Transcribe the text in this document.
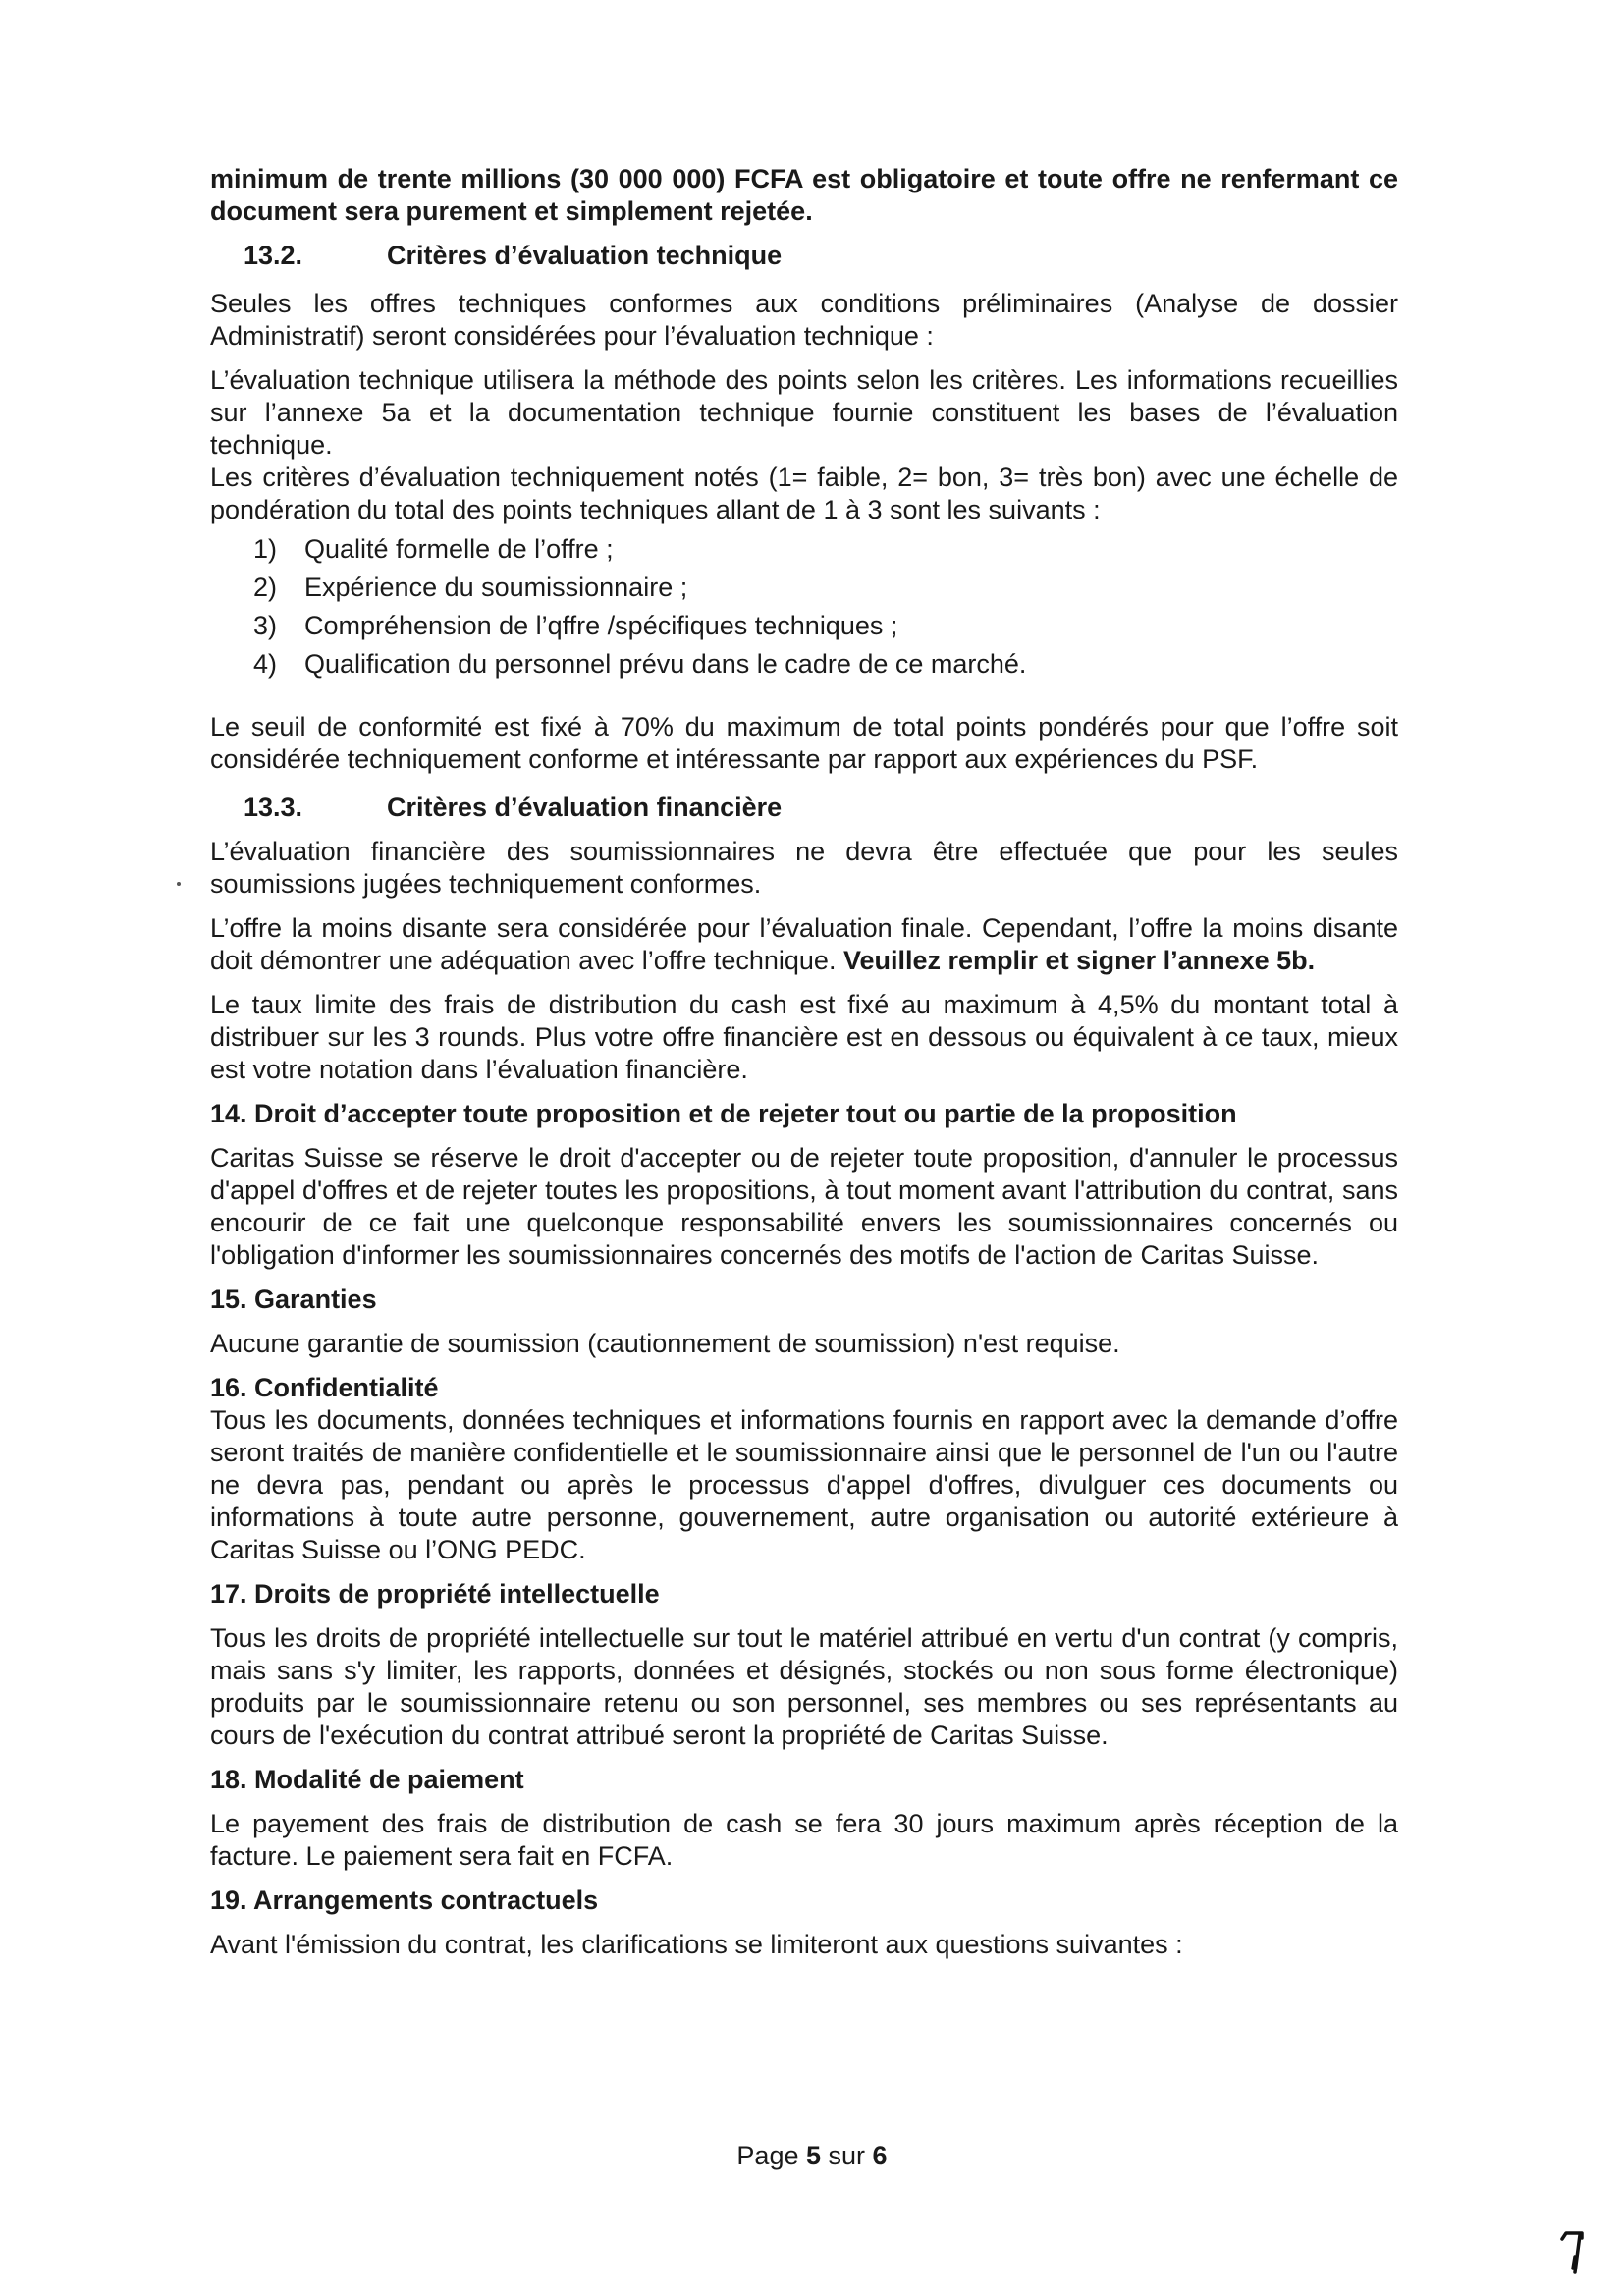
minimum de trente millions (30 000 000) FCFA est obligatoire et toute offre ne renfermant ce document sera purement et simplement rejetée.

13.2.	Critères d’évaluation technique

Seules les offres techniques conformes aux conditions préliminaires (Analyse de dossier Administratif) seront considérées pour l’évaluation technique :

L’évaluation technique utilisera la méthode des points selon les critères. Les informations recueillies sur l’annexe 5a et la documentation technique fournie constituent les bases de l’évaluation technique.

Les critères d’évaluation techniquement notés (1= faible, 2= bon, 3= très bon) avec une échelle de pondération du total des points techniques allant de 1 à 3 sont les suivants :

1)	Qualité formelle de l’offre ;
2)	Expérience du soumissionnaire ;
3)	Compréhension de l’qffre /spécifiques techniques ;
4)	Qualification du personnel prévu dans le cadre de ce marché.

Le seuil de conformité est fixé à 70% du maximum de total points pondérés pour que l’offre soit considérée techniquement conforme et intéressante par rapport aux expériences du PSF.

13.3.	Critères d’évaluation financière

L’évaluation financière des soumissionnaires ne devra être effectuée que pour les seules soumissions jugées techniquement conformes.

L’offre la moins disante sera considérée pour l’évaluation finale. Cependant, l’offre la moins disante doit démontrer une adéquation avec l’offre technique. Veuillez remplir et signer l’annexe 5b.

Le taux limite des frais de distribution du cash est fixé au maximum à 4,5% du montant total à distribuer sur les 3 rounds. Plus votre offre financière est en dessous ou équivalent à ce taux, mieux est votre notation dans l’évaluation financière.

14. Droit d’accepter toute proposition et de rejeter tout ou partie de la proposition

Caritas Suisse se réserve le droit d'accepter ou de rejeter toute proposition, d'annuler le processus d'appel d'offres et de rejeter toutes les propositions, à tout moment avant l'attribution du contrat, sans encourir de ce fait une quelconque responsabilité envers les soumissionnaires concernés ou l'obligation d'informer les soumissionnaires concernés des motifs de l'action de Caritas Suisse.

15. Garanties

Aucune garantie de soumission (cautionnement de soumission) n'est requise.

16. Confidentialité

Tous les documents, données techniques et informations fournis en rapport avec la demande d’offre seront traités de manière confidentielle et le soumissionnaire ainsi que le personnel de l'un ou l'autre ne devra pas, pendant ou après le processus d'appel d'offres, divulguer ces documents ou informations à toute autre personne, gouvernement, autre organisation ou autorité extérieure à Caritas Suisse ou l’ONG PEDC.

17. Droits de propriété intellectuelle

Tous les droits de propriété intellectuelle sur tout le matériel attribué en vertu d'un contrat (y compris, mais sans s'y limiter, les rapports, données et désignés, stockés ou non sous forme électronique) produits par le soumissionnaire retenu ou son personnel, ses membres ou ses représentants au cours de l'exécution du contrat attribué seront la propriété de Caritas Suisse.

18. Modalité de paiement

Le payement des frais de distribution de cash se fera 30 jours maximum après réception de la facture. Le paiement sera fait en FCFA.

19. Arrangements contractuels

Avant l'émission du contrat, les clarifications se limiteront aux questions suivantes :

Page 5 sur 6
